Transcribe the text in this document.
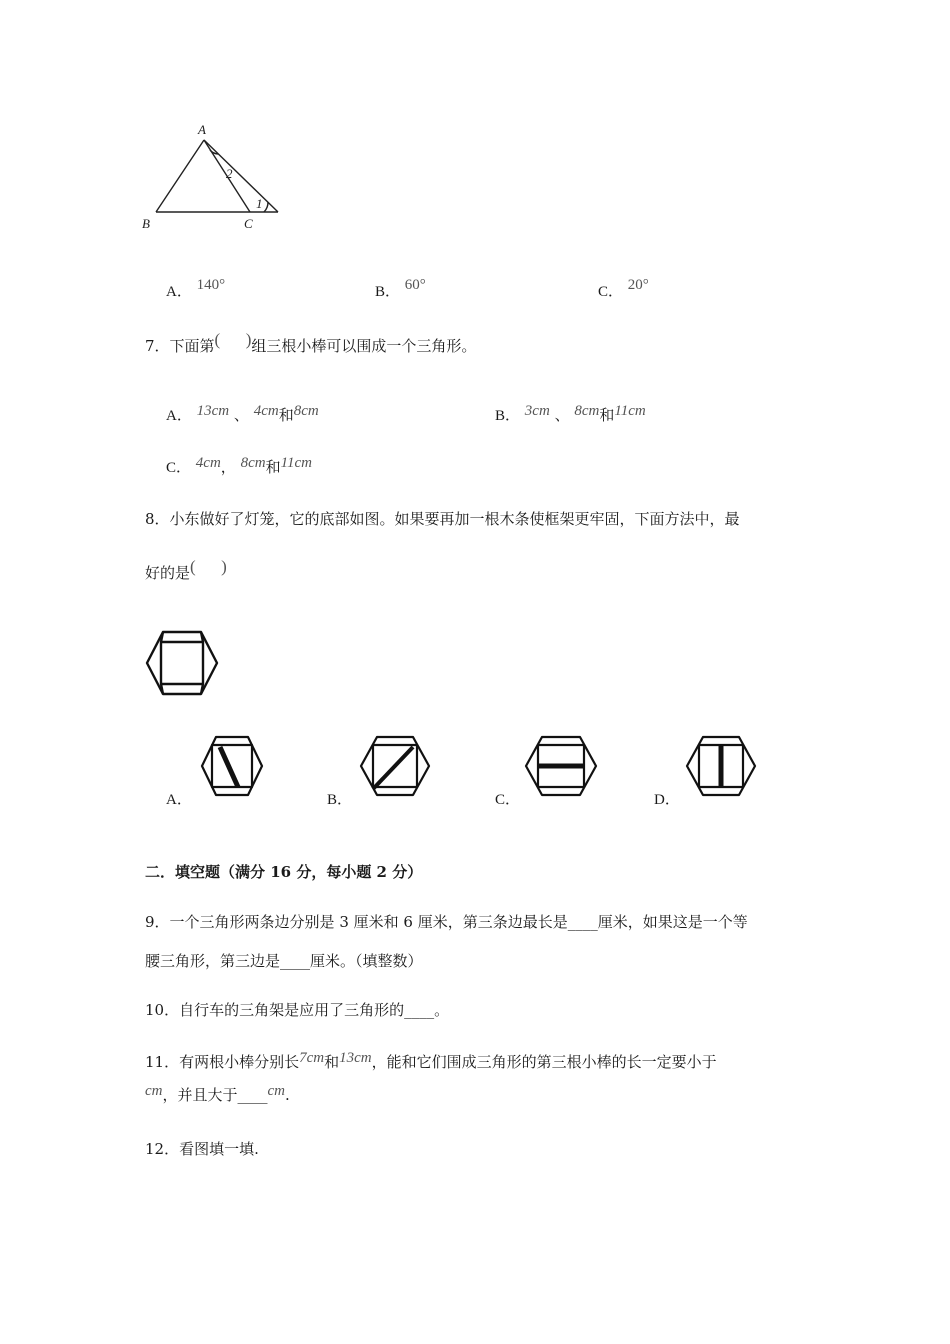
A
B	C
2
1
A． 140°	B． 60°	C． 20°
7．下面第(      )组三根小棒可以围成一个三角形。
A． 13cm 、 4cm和8cm	B． 3cm 、 8cm和11cm
C． 4cm， 8cm和11cm
8．小东做好了灯笼，它的底部如图。如果要再加一根木条使框架更牢固，下面方法中，最
好的是(      )
A．	B．	C．	D．
二．填空题（满分 16 分，每小题 2 分）
9．一个三角形两条边分别是 3 厘米和 6 厘米，第三条边最长是____厘米，如果这是一个等
腰三角形，第三边是____厘米。（填整数）
10．自行车的三角架是应用了三角形的____。
11．有两根小棒分别长7cm和13cm，能和它们围成三角形的第三根小棒的长一定要小于
cm，并且大于____cm.
12．看图填一填.
